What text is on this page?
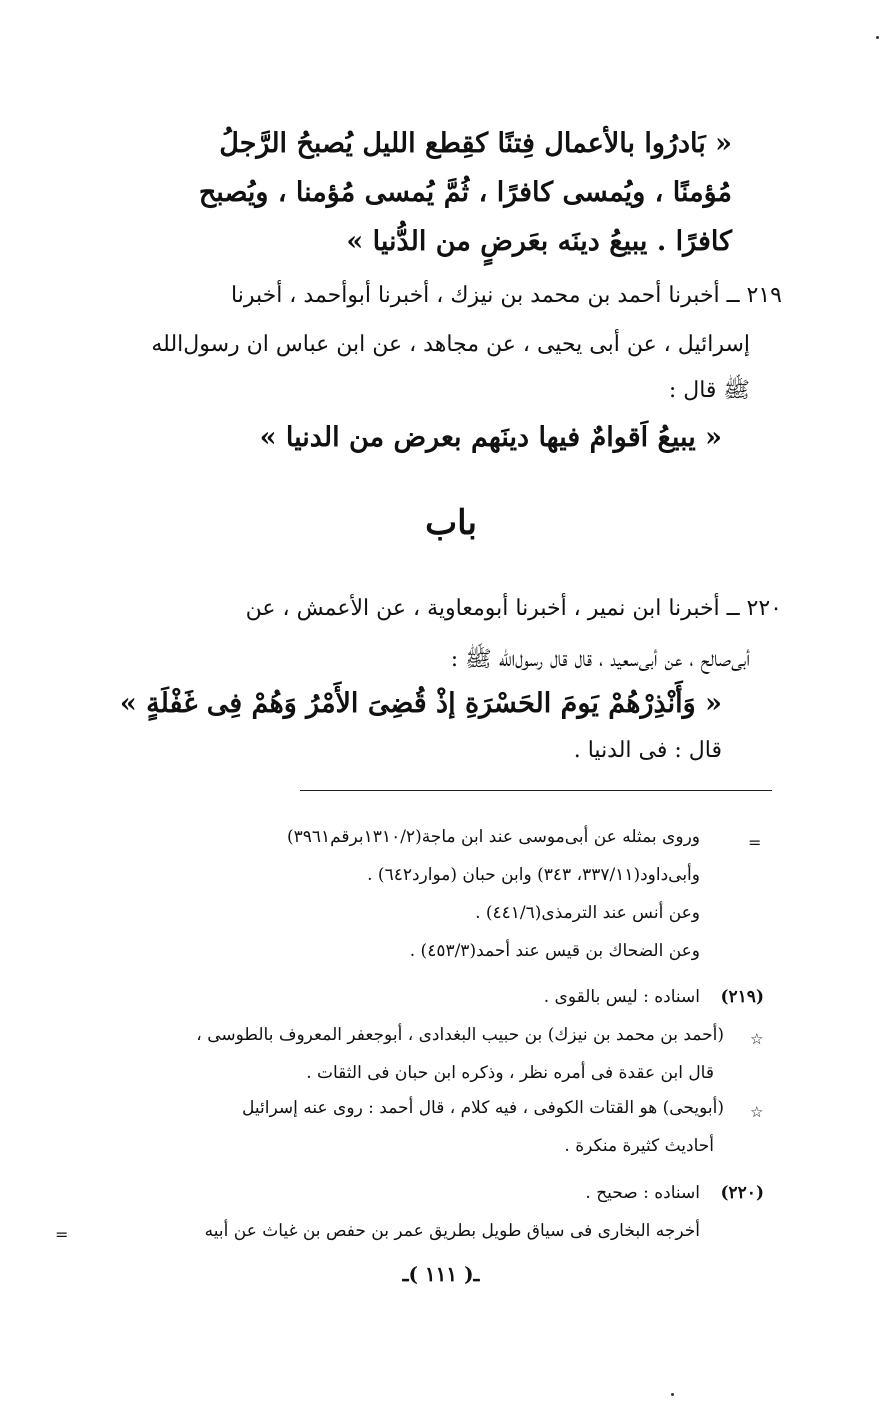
« بَادرُوا بالأعمال فِتنًا كقِطع الليل يُصبحُ الرَّجلُ
مُؤمنًا ، ويُمسى كافرًا ، ثُمَّ يُمسى مُؤمنا ، ويُصبح
كافرًا . يبيعُ دينَه بعَرضٍ من الدُّنيا »
٢١٩ ــ أخبرنا أحمد بن محمد بن نيزك ، أخبرنا أبوأحمد ، أخبرنا
إسرائيل ، عن أبى يحيى ، عن مجاهد ، عن ابن عباس ان رسول‌الله
ﷺ قال :
« يبيعُ اَقوامٌ فيها دينَهم بعرض من الدنيا »
باب
٢٢٠ ــ أخبرنا ابن نمير ، أخبرنا أبومعاوية ، عن الأعمش ، عن
أبى‌صالح ، عن أبى‌سعيد ، قال قال رسول‌الله ﷺ :
« وَأَنْذِرْهُمْ يَومَ الحَسْرَةِ إذْ قُضِىَ الأَمْرُ وَهُمْ فِى غَفْلَةٍ »
قال : فى الدنيا .
=
وروى بمثله عن أبى‌موسى عند ابن ماجة(١٣١٠/٢برقم٣٩٦١)
وأبى‌داود(٣٣٧/١١، ٣٤٣) وابن حبان (موارد٦٤٢) .
وعن أنس عند الترمذى(٤٤١/٦) .
وعن الضحاك بن قيس عند أحمد(٤٥٣/٣) .
(٢١٩)
اسناده : ليس بالقوى .
☆
(أحمد بن محمد بن نيزك) بن حبيب البغدادى ، أبوجعفر المعروف بالطوسى ،
قال ابن عقدة فى أمره نظر ، وذكره ابن حبان فى الثقات .
☆
(أبويحى) هو القتات الكوفى ، فيه كلام ، قال أحمد : روى عنه إسرائيل
أحاديث كثيرة منكرة .
(٢٢٠)
اسناده : صحيح .
أخرجه البخارى فى سياق طويل بطريق عمر بن حفص بن غياث عن أبيه
=
ـ( ١١١ )ـ
